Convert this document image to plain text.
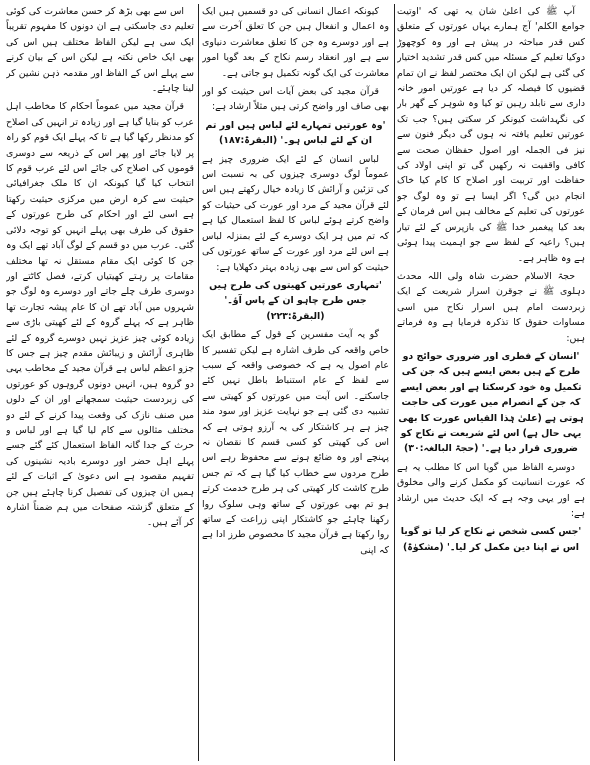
آپ ﷺ کی اعلیٰ شان یہ تھی کہ 'اوتیت جوامع الکلم' آج ہمارے یہاں عورتوں کے متعلق کس قدر مباحثہ در پیش ہے اور وہ کوچھوڑ دوکیا تعلیم کے مسئلہ میں کس قدر تشدید اختیار کی گئی ہے لیکن ان ایک مختصر لفظ نے ان تمام قضیوں کا فیصلہ کر دیا ہے عورتیں امور خانہ داری سے نابلد رہیں تو کیا وہ شوہر کے گھر بار کی نگہداشت کیونکر کر سکتی ہیں؟ جب تک عورتیں تعلیم یافتہ نہ ہوں گی دیگر فنون سے نیز فی الجملہ اور اصول حفظان صحت سے کافی واقفیت نہ رکھیں گی تو اپنی اولاد کی حفاظت اور تربیت اور اصلاح کا کام کیا خاک انجام دیں گی؟ اگر ایسا ہے تو وہ لوگ جو عورتوں کی تعلیم کے مخالف ہیں اس فرمان کے بعد کیا پیغمبر خدا ﷺ کی بازپرس کے لئے تیار ہیں؟ راعیہ کے لفظ سے جو اہمیت پیدا ہوئی ہے وہ ظاہر ہے۔

حجۃ الاسلام حضرت شاہ ولی اللہ محدث دہلوی ﷺ نے جوقرن اسرار شریعت کے ایک زبردست امام ہیں اسرار نکاح میں اسی مساوات حقوق کا تذکرہ فرمایا ہے وہ فرماتے ہیں:

'انسان کے فطری اور ضروری حوائج دو طرح کے ہیں بعض ایسے ہیں کہ جن کی تکمیل وہ خود کرسکتا ہے اور بعض ایسے کہ جن کے انصرام میں عورت کی حاجت ہوتی ہے (علیٰ ہٰذا القیاس عورت کا بھی یہی حال ہے) اس لئے شریعت نے نکاح کو ضروری قرار دیا ہے۔' (حجۃ البالغہ:۳۰)

دوسرے الفاظ میں گویا اس کا مطلب یہ ہے کہ عورت انسانیت کو مکمل کرنے والی مخلوق ہے اور یہی وجہ ہے کہ ایک حدیث میں ارشاد ہے:

'جس کسی شخص نے نکاح کر لیا تو گویا اس نے اپنا دین مکمل کر لیا۔' (مشکوٰۃ)

کیونکہ اعمال انسانی کی دو قسمیں ہیں ایک وہ اعمال و انفعال ہیں جن کا تعلق آخرت سے ہے اور دوسرے وہ جن کا تعلق معاشرت دنیاوی سے ہے اور انعقاد رسم نکاح کے بعد گویا امور معاشرت کی ایک گونہ تکمیل ہو جاتی ہے۔

قرآن مجید کی بعض آیات اس حیثیت کو اور بھی صاف اور واضح کرتی ہیں مثلاً ارشاد ہے:

'وہ عورتیں تمہارے لئے لباس ہیں اور تم ان کے لئے لباس ہو۔' (البقرۃ:۱۸۷)

لباس انسان کے لئے ایک ضروری چیز ہے عموماً لوگ دوسری چیزوں کی بہ نسبت اس کی تزئین و آرائش کا زیادہ خیال رکھتے ہیں اس لئے قرآن مجید کے مرد اور عورت کی حیثیات کو واضح کرتے ہوئے لباس کا لفظ استعمال کیا ہے کہ تم میں ہر ایک دوسرے کے لئے بمنزلہ لباس ہے اس لئے مرد اور عورت کے ساتھ عورتوں کی حیثیت کو اس سے بھی زیادہ بہتر دکھلایا ہے:

'تمہاری عورتیں کھیتوں کی طرح ہیں جس طرح چاہو ان کے پاس آؤ۔' (البقرۃ:۲۲۳)

گو یہ آیت مفسرین کے قول کے مطابق ایک خاص واقعہ کی طرف اشارہ ہے لیکن تفسیر کا عام اصول یہ ہے کہ خصوصی واقعہ کے سبب سے لفظ کے عام استنباط باطل نہیں کئے جاسکتے۔ اس آیت میں عورتوں کو کھیتی سے تشبیہ دی گئی ہے جو نہایت عزیز اور سود مند چیز ہے ہر کاشتکار کی یہ آرزو ہوتی ہے کہ اس کی کھیتی کو کسی قسم کا نقصان نہ پہنچے اور وہ ضائع ہونے سے محفوظ رہے اس طرح مردوں سے خطاب کیا گیا ہے کہ تم جس طرح کاشت کار کھیتی کی ہر طرح خدمت کرتے ہو تم بھی عورتوں کے ساتھ وہی سلوک روا رکھنا چاہئے جو کاشتکار اپنی زراعت کے ساتھ روا رکھتا ہے قرآن مجید کا مخصوص طرز ادا ہے کہ اپنی

اس سے بھی بڑھ کر حسن معاشرت کی کوئی تعلیم دی جاسکتی ہے ان دونوں کا مفہوم تقریباً ایک سی ہے لیکن الفاظ مختلف ہیں اس کی بھی ایک خاص نکتہ ہے لیکن اس کے بیان کرنے سے پہلے اس کے الفاظ اور مقدمہ ذہن نشین کر لینا چاہئے۔

قرآن مجید میں عموماً احکام کا مخاطب اہل عرب کو بنایا گیا ہے اور زیادہ تر انہیں کی اصلاح کو مدنظر رکھا گیا ہے تا کہ پہلے ایک قوم کو راہ پر لایا جائے اور پھر اس کے ذریعہ سے دوسری قوموں کی اصلاح کی جائے اس لئے عرب قوم کا انتخاب کیا گیا کیونکہ ان کا ملک جغرافیائی حیثیت سے کرہ ارض میں مرکزی حیثیت رکھتا ہے اسی لئے اور احکام کی طرح عورتوں کے حقوق کی طرف بھی پہلے انہیں کو توجہ دلائی گئی۔ عرب میں دو قسم کے لوگ آباد تھے ایک وہ جن کا کوئی ایک مقام مستقل نہ تھا مختلف مقامات پر رہتے کھیتیاں کرتے، فصل کاٹتے اور دوسری طرف چلے جاتے اور دوسرے وہ لوگ جو شہروں میں آباد تھے ان کا عام پیشہ تجارت تھا ظاہر ہے کہ پہلے گروہ کے لئے کھیتی باڑی سے زیادہ کوئی چیز عزیز نہیں دوسرے گروہ کے لئے ظاہری آرائش و زیبائش مقدم چیز ہے جس کا جزو اعظم لباس ہے قرآن مجید کے مخاطب یہی دو گروہ ہیں، انہیں دونوں گروہوں کو عورتوں کی زبردست حیثیت سمجھانے اور ان کے دلوں میں صنف نازک کی وقعت پیدا کرنے کے لئے دو مختلف مثالوں سے کام لیا گیا ہے اور لباس و حرث کے جدا گانہ الفاظ استعمال کئے گئے جسے پہلے اہل حضر اور دوسرے بادیہ نشینوں کی تفہیم مقصود ہے اس دعویٰ کے اثبات کے لئے ہمیں ان چیزوں کی تفصیل کرنا چاہئے ہیں جن کے متعلق گزشتہ صفحات میں ہم ضمناً اشارہ کر آئے ہیں۔
